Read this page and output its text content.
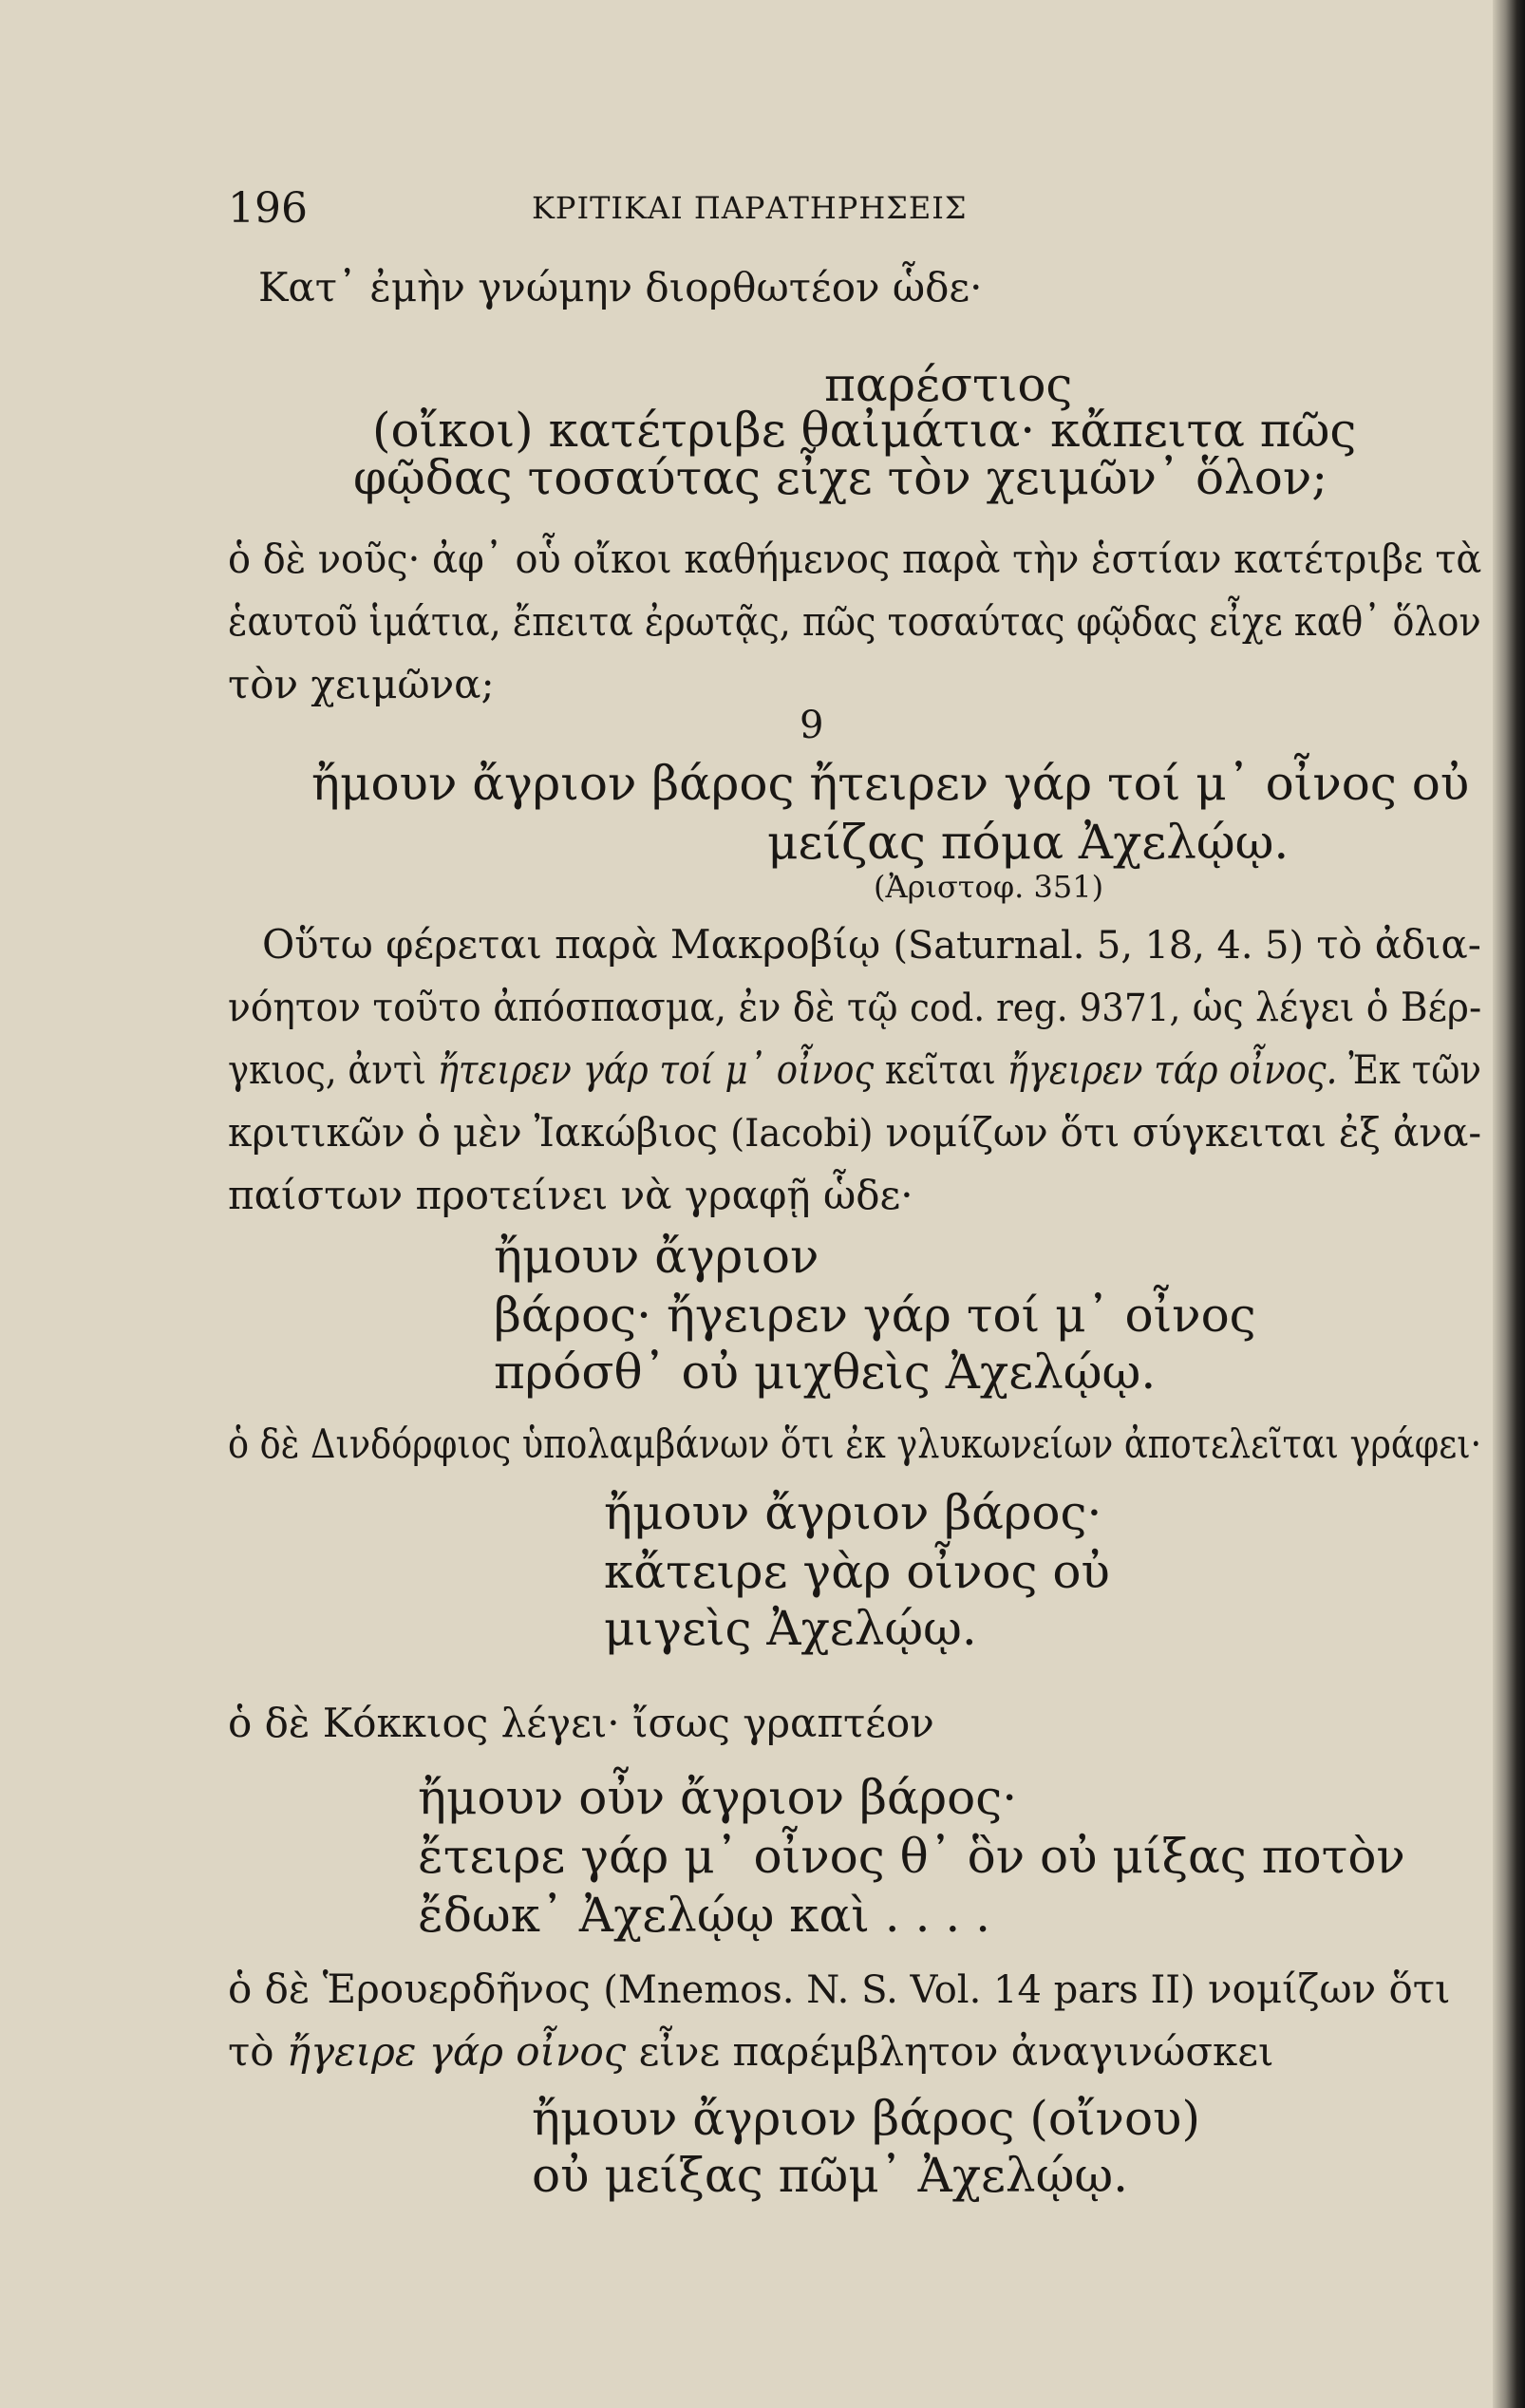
196	ΚΡΙΤΙΚΑΙ ΠΑΡΑΤΗΡΗΣΕΙΣ
Κατ᾽ ἐμὴν γνώμην διορθωτέον ὧδε·
παρέστιος
(οἴκοι) κατέτριβε θαἰμάτια· κἄπειτα πῶς
φῷδας τοσαύτας εἶχε τὸν χειμῶν᾽ ὅλον;
ὁ δὲ νοῦς· ἀφ᾽ οὗ οἴκοι καθήμενος παρὰ τὴν ἑστίαν κατέτριβε τὰ
ἑαυτοῦ ἱμάτια, ἔπειτα ἐρωτᾷς, πῶς τοσαύτας φῷδας εἶχε καθ᾽ ὅλον
τὸν χειμῶνα;
9
ἤμουν ἄγριον βάρος ἤτειρεν γάρ τοί μ᾽ οἶνος οὐ
μείζας πόμα Ἀχελῴῳ.
(Ἀριστοφ. 351)
Οὕτω φέρεται παρὰ Μακροβίῳ (Saturnal. 5, 18, 4. 5) τὸ ἀδια-
νόητον τοῦτο ἀπόσπασμα, ἐν δὲ τῷ cod. reg. 9371, ὡς λέγει ὁ Βέρ-
γκιος, ἀντὶ ἤτειρεν γάρ τοί μ᾽ οἶνος κεῖται ἤγειρεν τάρ οἶνος. Ἐκ τῶν
κριτικῶν ὁ μὲν Ἰακώβιος (Iacobi) νομίζων ὅτι σύγκειται ἐξ ἀνα-
παίστων προτείνει νὰ γραφῇ ὧδε·
ἤμουν ἄγριον
βάρος· ἤγειρεν γάρ τοί μ᾽ οἶνος
πρόσθ᾽ οὐ μιχθεὶς Ἀχελῴῳ.
ὁ δὲ Δινδόρφιος ὑπολαμβάνων ὅτι ἐκ γλυκωνείων ἀποτελεῖται γράφει·
ἤμουν ἄγριον βάρος·
κἄτειρε γὰρ οἶνος οὐ
μιγεὶς Ἀχελῴῳ.
ὁ δὲ Κόκκιος λέγει· ἴσως γραπτέον
ἤμουν οὖν ἄγριον βάρος·
ἔτειρε γάρ μ᾽ οἶνος θ᾽ ὃν οὐ μίξας ποτὸν
ἔδωκ᾽ Ἀχελῴῳ καὶ . . . .
ὁ δὲ Ἑρουερδῆνος (Mnemos. N. S. Vol. 14 pars II) νομίζων ὅτι
τὸ ἤγειρε γάρ οἶνος εἶνε παρέμβλητον ἀναγινώσκει
ἤμουν ἄγριον βάρος (οἴνου)
οὐ μείξας πῶμ᾽ Ἀχελῴῳ.
